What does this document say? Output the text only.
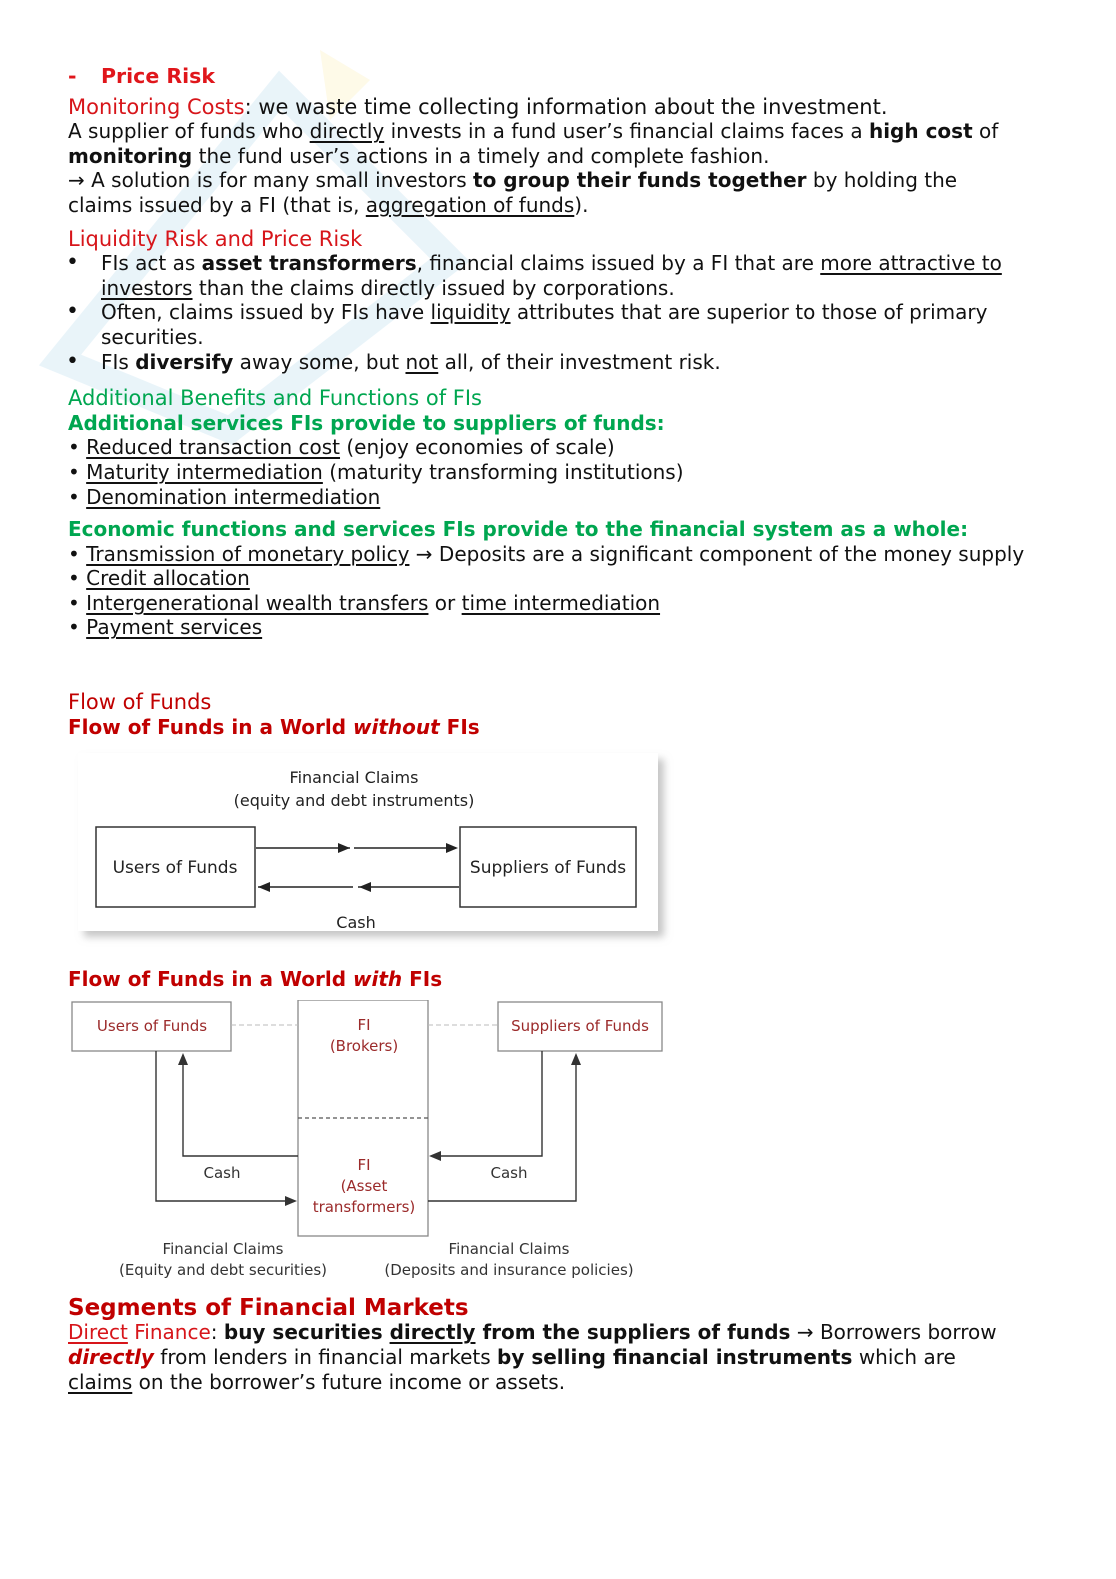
-	Price Risk

Monitoring Costs: we waste time collecting information about the investment.

A supplier of funds who directly invests in a fund user’s financial claims faces a high cost of
monitoring the fund user’s actions in a timely and complete fashion.
→ A solution is for many small investors to group their funds together by holding the
claims issued by a FI (that is, aggregation of funds).

Liquidity Risk and Price Risk

• FIs act as asset transformers, financial claims issued by a FI that are more attractive to investors than the claims directly issued by corporations.
• Often, claims issued by FIs have liquidity attributes that are superior to those of primary securities.
• FIs diversify away some, but not all, of their investment risk.

Additional Benefits and Functions of FIs

Additional services FIs provide to suppliers of funds:

• Reduced transaction cost (enjoy economies of scale)

• Maturity intermediation (maturity transforming institutions)

• Denomination intermediation

Economic functions and services FIs provide to the financial system as a whole:

• Transmission of monetary policy → Deposits are a significant component of the money supply

• Credit allocation

• Intergenerational wealth transfers or time intermediation

• Payment services

Flow of Funds

Flow of Funds in a World without FIs

Financial Claims
(equity and debt instruments)
Users of Funds	Suppliers of Funds
Cash

Flow of Funds in a World with FIs

Users of Funds	Suppliers of Funds
FI
(Brokers)
FI
(Asset
transformers)
Cash	Cash
Financial Claims
(Equity and debt securities)
Financial Claims
(Deposits and insurance policies)

Segments of Financial Markets

Direct Finance: buy securities directly from the suppliers of funds → Borrowers borrow
directly from lenders in financial markets by selling financial instruments which are
claims on the borrower’s future income or assets.
